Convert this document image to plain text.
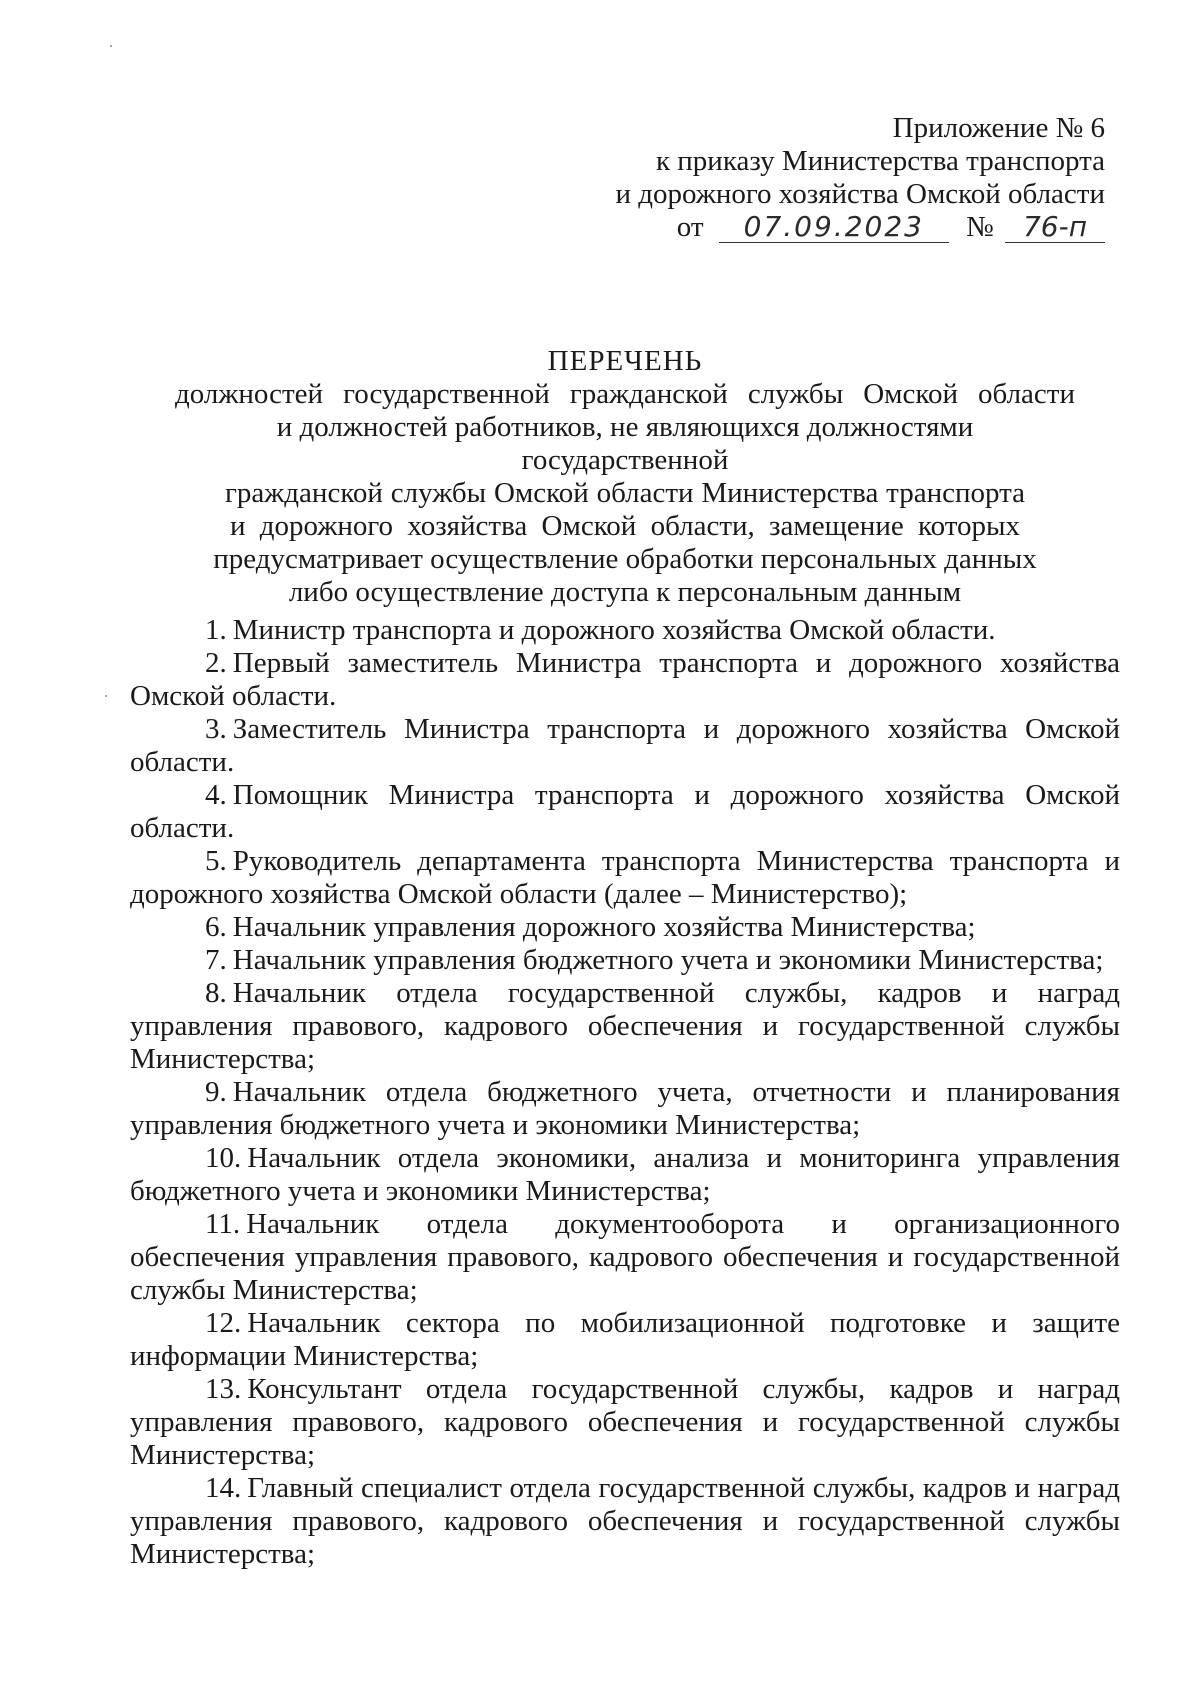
Приложение № 6
к приказу Министерства транспорта
и дорожного хозяйства Омской области
от 07.09.2023 № 76-п
ПЕРЕЧЕНЬ
должностей государственной гражданской службы Омской области
и должностей работников, не являющихся должностями государственной
гражданской службы Омской области Министерства транспорта
и дорожного хозяйства Омской области, замещение которых
предусматривает осуществление обработки персональных данных
либо осуществление доступа к персональным данным

1. Министр транспорта и дорожного хозяйства Омской области.

2. Первый заместитель Министра транспорта и дорожного хозяйства Омской области.

3. Заместитель Министра транспорта и дорожного хозяйства Омской области.

4. Помощник Министра транспорта и дорожного хозяйства Омской области.

5. Руководитель департамента транспорта Министерства транспорта и дорожного хозяйства Омской области (далее – Министерство);

6. Начальник управления дорожного хозяйства Министерства;

7. Начальник управления бюджетного учета и экономики Министерства;

8. Начальник отдела государственной службы, кадров и наград управления правового, кадрового обеспечения и государственной службы Министерства;

9. Начальник отдела бюджетного учета, отчетности и планирования управления бюджетного учета и экономики Министерства;

10. Начальник отдела экономики, анализа и мониторинга управления бюджетного учета и экономики Министерства;

11. Начальник отдела документооборота и организационного обеспечения управления правового, кадрового обеспечения и государственной службы Министерства;

12. Начальник сектора по мобилизационной подготовке и защите информации Министерства;

13. Консультант отдела государственной службы, кадров и наград управления правового, кадрового обеспечения и государственной службы Министерства;

14. Главный специалист отдела государственной службы, кадров и наград управления правового, кадрового обеспечения и государственной службы Министерства;
